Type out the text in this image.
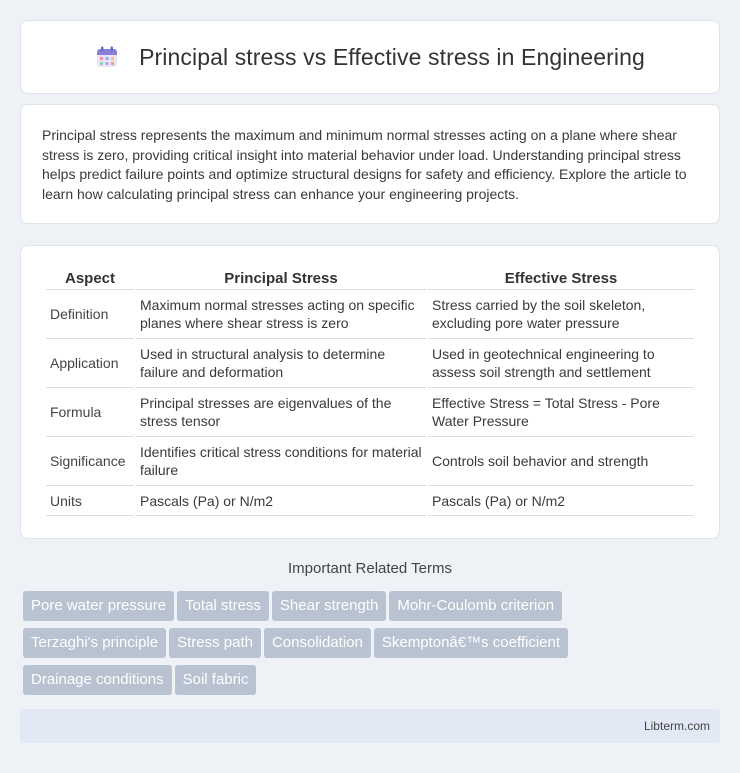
Principal stress vs Effective stress in Engineering

Principal stress represents the maximum and minimum normal stresses acting on a plane where shear stress is zero, providing critical insight into material behavior under load. Understanding principal stress helps predict failure points and optimize structural designs for safety and efficiency. Explore the article to learn how calculating principal stress can enhance your engineering projects.

Aspect	Principal Stress	Effective Stress
Definition	Maximum normal stresses acting on specific planes where shear stress is zero	Stress carried by the soil skeleton, excluding pore water pressure
Application	Used in structural analysis to determine failure and deformation	Used in geotechnical engineering to assess soil strength and settlement
Formula	Principal stresses are eigenvalues of the stress tensor	Effective Stress = Total Stress - Pore Water Pressure
Significance	Identifies critical stress conditions for material failure	Controls soil behavior and strength
Units	Pascals (Pa) or N/m2	Pascals (Pa) or N/m2
Important Related Terms
Pore water pressure Total stress Shear strength Mohr-Coulomb criterion
Terzaghi's principle Stress path Consolidation Skemptonâ€™s coefficient
Drainage conditions Soil fabric
Libterm.com
